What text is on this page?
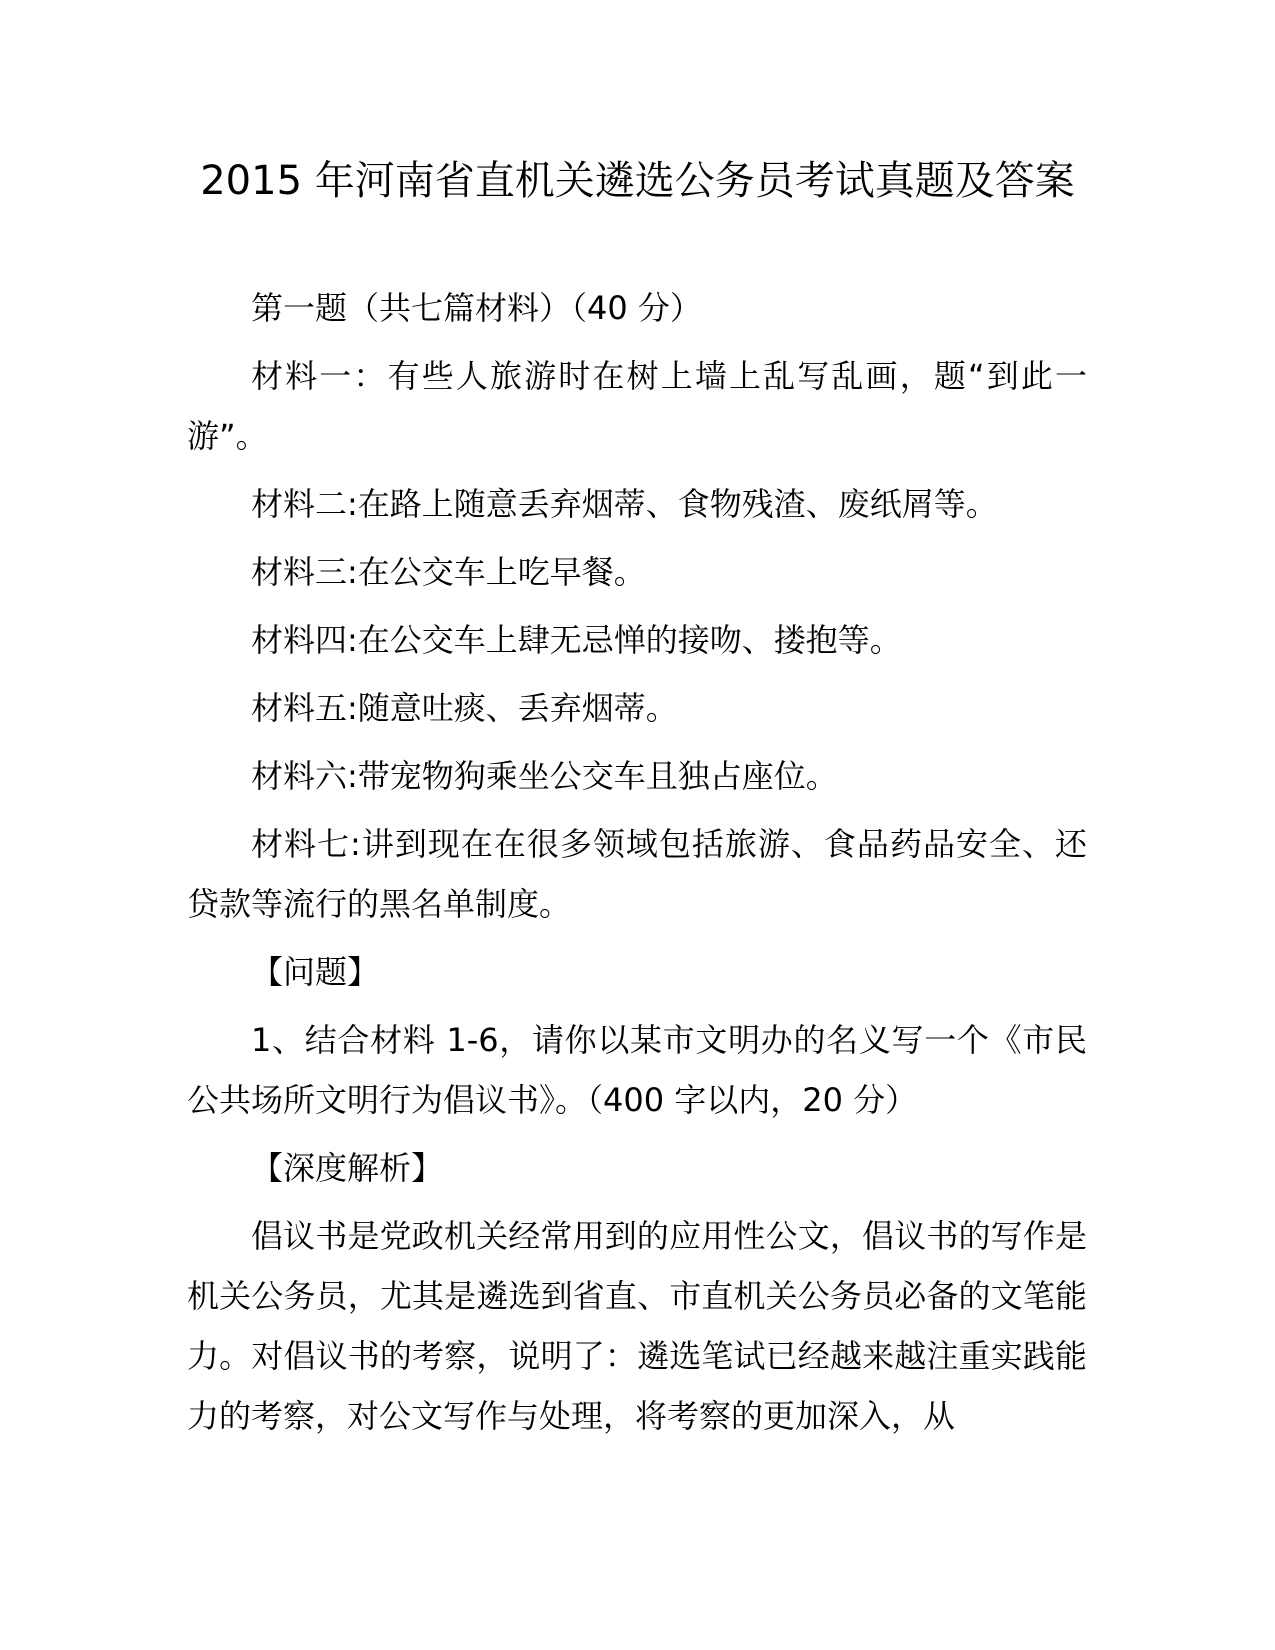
2015 年河南省直机关遴选公务员考试真题及答案

第一题（共七篇材料）（40 分）

材料一：有些人旅游时在树上墙上乱写乱画，题“到此一游”。

材料二:在路上随意丢弃烟蒂、食物残渣、废纸屑等。

材料三:在公交车上吃早餐。

材料四:在公交车上肆无忌惮的接吻、搂抱等。

材料五:随意吐痰、丢弃烟蒂。

材料六:带宠物狗乘坐公交车且独占座位。

材料七:讲到现在在很多领域包括旅游、食品药品安全、还贷款等流行的黑名单制度。

【问题】

1、结合材料 1-6，请你以某市文明办的名义写一个《市民公共场所文明行为倡议书》。（400 字以内，20 分）

【深度解析】

倡议书是党政机关经常用到的应用性公文，倡议书的写作是机关公务员，尤其是遴选到省直、市直机关公务员必备的文笔能力。对倡议书的考察，说明了：遴选笔试已经越来越注重实践能力的考察，对公文写作与处理，将考察的更加深入，从
